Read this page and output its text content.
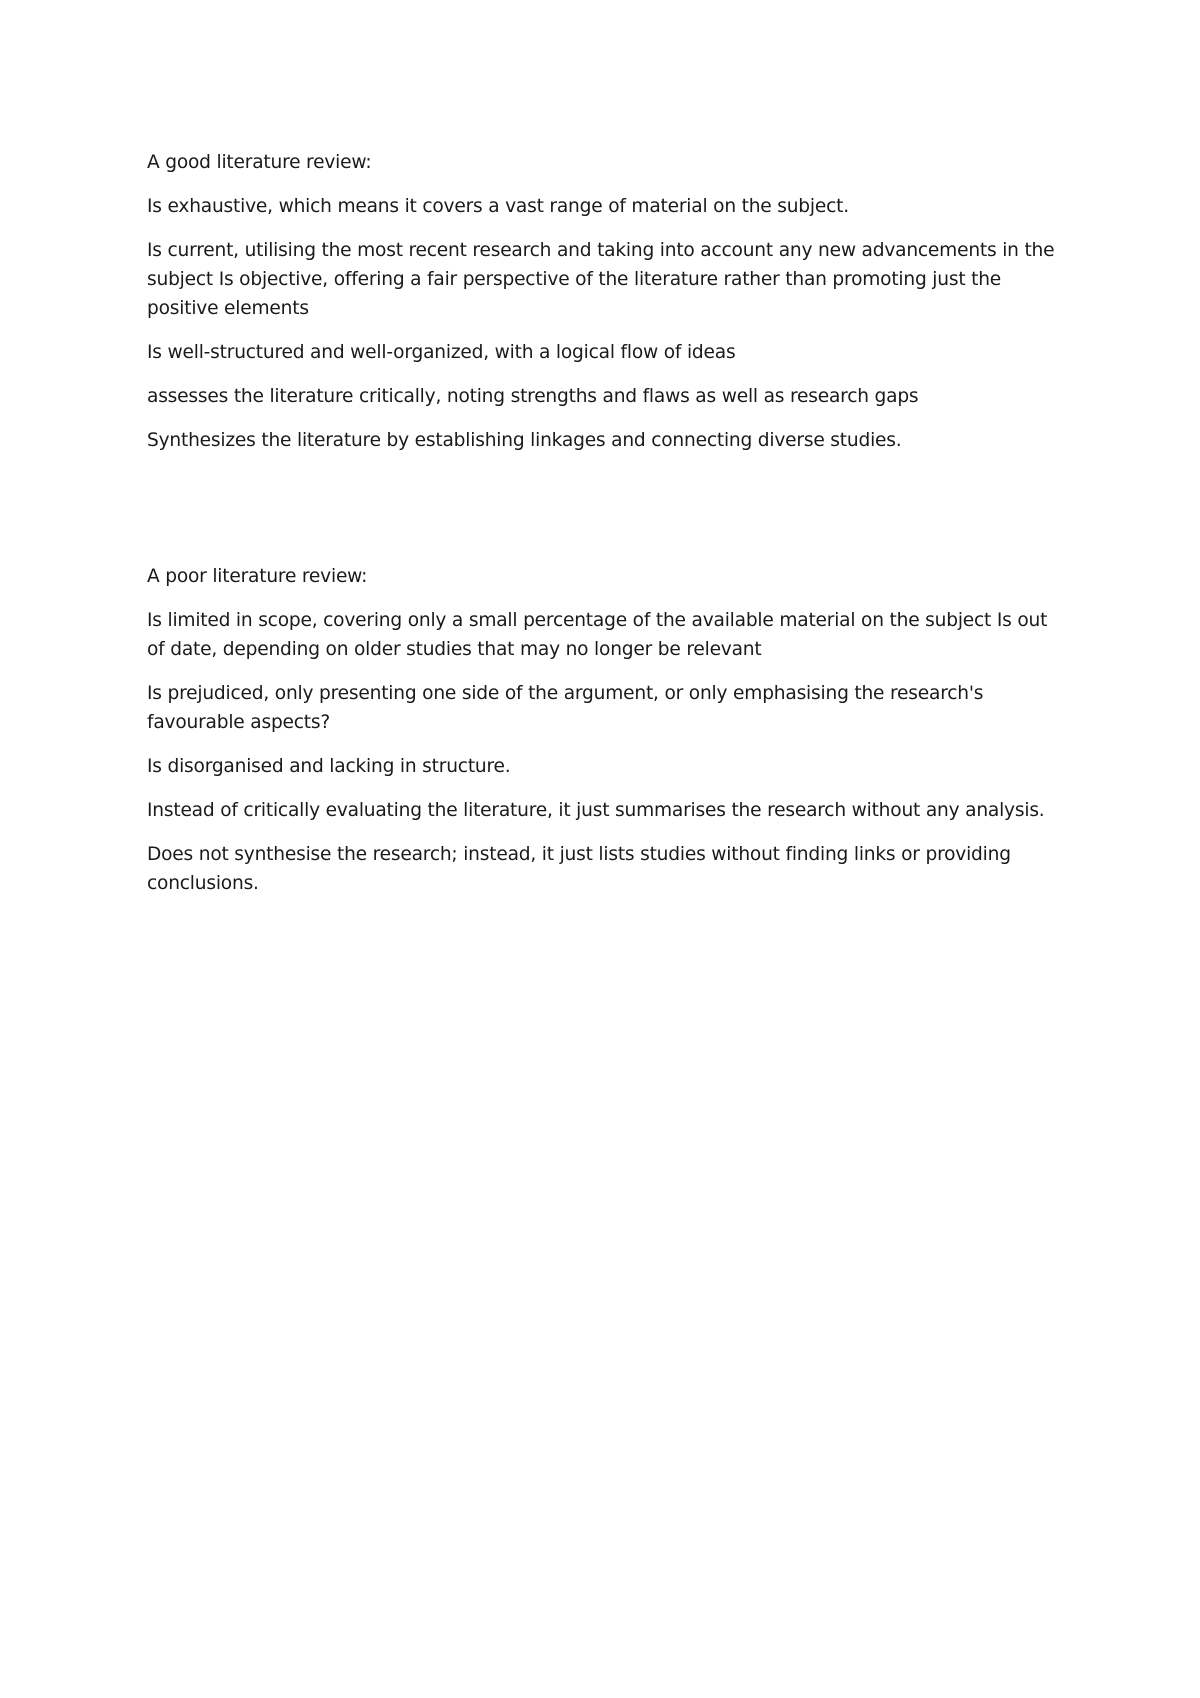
A good literature review:

Is exhaustive, which means it covers a vast range of material on the subject.

Is current, utilising the most recent research and taking into account any new advancements in the subject Is objective, offering a fair perspective of the literature rather than promoting just the positive elements

Is well-structured and well-organized, with a logical flow of ideas

assesses the literature critically, noting strengths and flaws as well as research gaps

Synthesizes the literature by establishing linkages and connecting diverse studies.

A poor literature review:

Is limited in scope, covering only a small percentage of the available material on the subject Is out of date, depending on older studies that may no longer be relevant

Is prejudiced, only presenting one side of the argument, or only emphasising the research's favourable aspects?

Is disorganised and lacking in structure.

Instead of critically evaluating the literature, it just summarises the research without any analysis.

Does not synthesise the research; instead, it just lists studies without finding links or providing conclusions.
